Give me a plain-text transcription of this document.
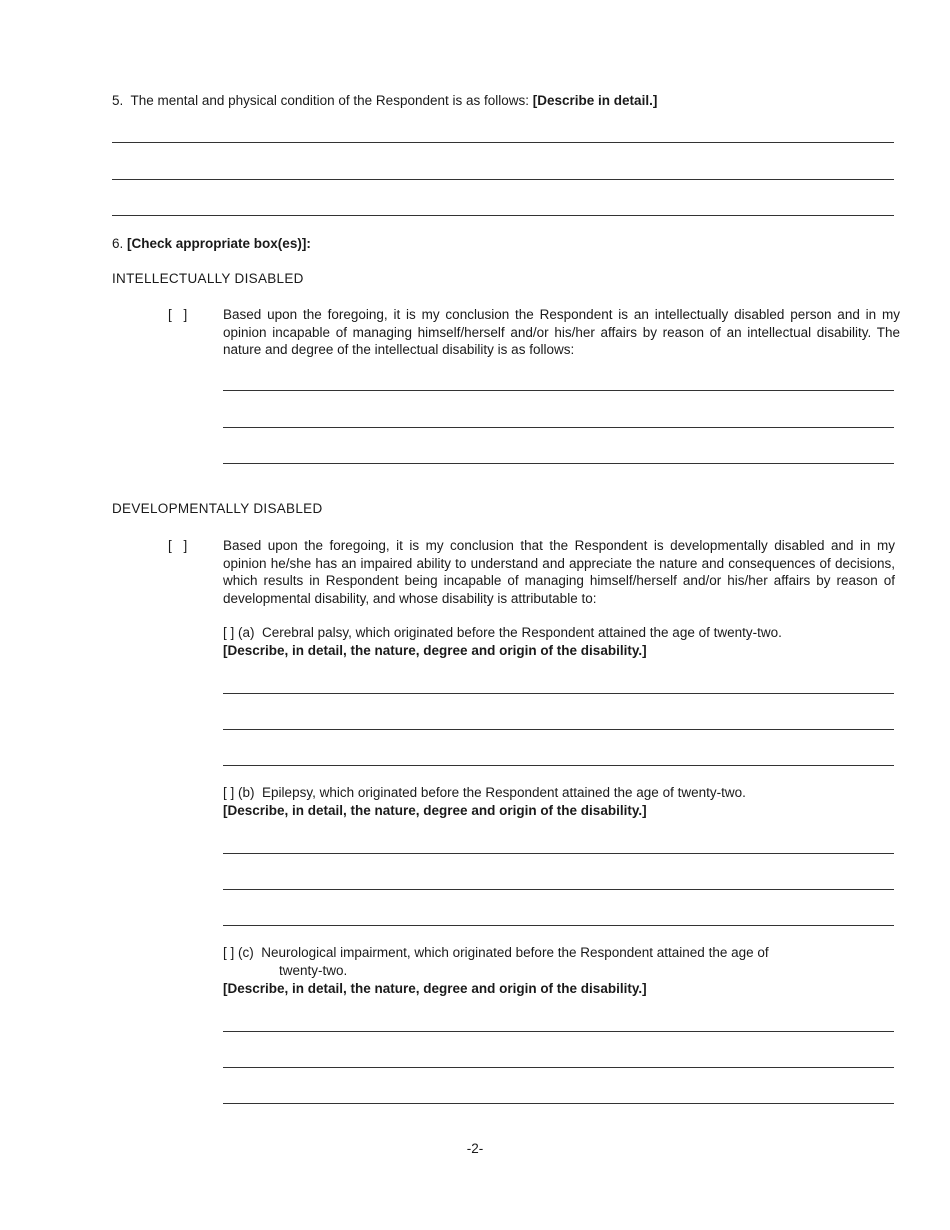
5. The mental and physical condition of the Respondent is as follows: [Describe in detail.]
6. [Check appropriate box(es)]:
INTELLECTUALLY DISABLED
[ ]	Based upon the foregoing, it is my conclusion the Respondent is an intellectually disabled person and in my opinion incapable of managing himself/herself and/or his/her affairs by reason of an intellectual disability. The nature and degree of the intellectual disability is as follows:
DEVELOPMENTALLY DISABLED
[ ]	Based upon the foregoing, it is my conclusion that the Respondent is developmentally disabled and in my opinion he/she has an impaired ability to understand and appreciate the nature and consequences of decisions, which results in Respondent being incapable of managing himself/herself and/or his/her affairs by reason of developmental disability, and whose disability is attributable to:
[ ] (a) Cerebral palsy, which originated before the Respondent attained the age of twenty-two.
[Describe, in detail, the nature, degree and origin of the disability.]
[ ] (b) Epilepsy, which originated before the Respondent attained the age of twenty-two.
[Describe, in detail, the nature, degree and origin of the disability.]
[ ] (c) Neurological impairment, which originated before the Respondent attained the age of
twenty-two.
[Describe, in detail, the nature, degree and origin of the disability.]
-2-
